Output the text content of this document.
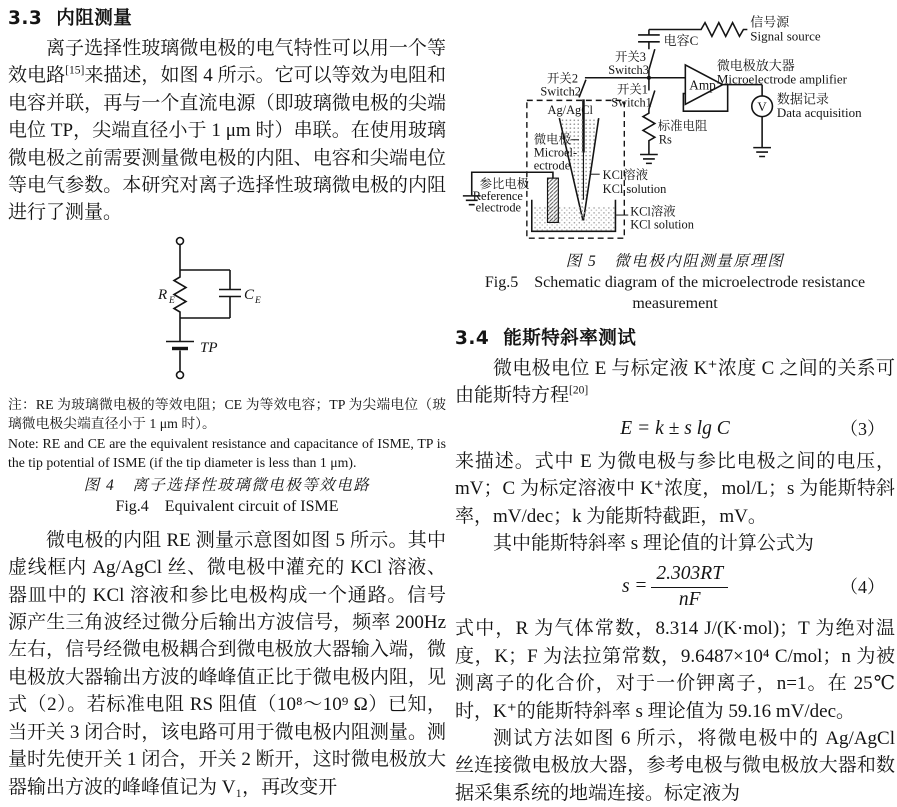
3.3 内阻测量

离子选择性玻璃微电极的电气特性可以用一个等效电路[15]来描述，如图 4 所示。它可以等效为电阻和电容并联，再与一个直流电源（即玻璃微电极的尖端电位 TP，尖端直径小于 1 μm 时）串联。在使用玻璃微电极之前需要测量微电极的内阻、电容和尖端电位等电气参数。本研究对离子选择性玻璃微电极的内阻进行了测量。

R E	C E
TP

注：RE 为玻璃微电极的等效电阻；CE 为等效电容；TP 为尖端电位（玻璃微电极尖端直径小于 1 μm 时）。

Note: RE and CE are the equivalent resistance and capacitance of ISME, TP is the tip potential of ISME (if the tip diameter is less than 1 μm).

图 4　离子选择性玻璃微电极等效电路
Fig.4　Equivalent circuit of ISME

微电极的内阻 RE 测量示意图如图 5 所示。其中虚线框内 Ag/AgCl 丝、微电极中灌充的 KCl 溶液、器皿中的 KCl 溶液和参比电极构成一个通路。信号源产生三角波经过微分后输出方波信号，频率 200Hz 左右，信号经微电极耦合到微电极放大器输入端，微电极放大器输出方波的峰峰值正比于微电极内阻，见式（2）。若标准电阻 RS 阻值（10⁸～10⁹ Ω）已知，当开关 3 闭合时，该电路可用于微电极内阻测量。测量时先使开关 1 闭合，开关 2 断开，这时微电极放大器输出方波的峰峰值记为 V₁，再改变开

信号源
Signal source
电容C
开关3
Switch3
开关2
Switch2	开关1
Switch1
Amp
微电极放大器
Microelectrode amplifier
V
数据记录
Data acquisition
标准电阻
Rs
Ag/AgCl
微电极
Microel-
ectrode
KCl溶液
KCl solution
KCl溶液
KCl solution
参比电极
Reference
electrode
图 5　微电极内阻测量原理图
Fig.5　Schematic diagram of the microelectrode resistance
measurement
3.4 能斯特斜率测试

微电极电位 E 与标定液 K⁺浓度 C 之间的关系可由能斯特方程[20]

E = k ± s lg C	（3）

来描述。式中 E 为微电极与参比电极之间的电压，mV；C 为标定溶液中 K⁺浓度，mol/L；s 为能斯特斜率，mV/dec；k 为能斯特截距，mV。

其中能斯特斜率 s 理论值的计算公式为

$s = \frac{2.303RT}{nF}$	（4）

式中，R 为气体常数，8.314 J/(K·mol)；T 为绝对温度，K；F 为法拉第常数，9.6487×10⁴ C/mol；n 为被测离子的化合价，对于一价钾离子，n=1。在 25℃时，K⁺的能斯特斜率 s 理论值为 59.16 mV/dec。

测试方法如图 6 所示，将微电极中的 Ag/AgCl 丝连接微电极放大器，参考电极与微电极放大器和数据采集系统的地端连接。标定液为
